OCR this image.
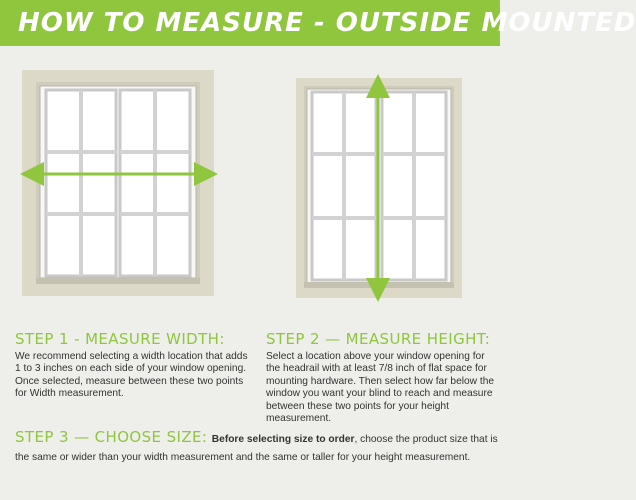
HOW TO MEASURE - OUTSIDE MOUNTED
STEP 1 - MEASURE WIDTH:
We recommend selecting a width location that adds 1 to 3 inches on each side of your window opening. Once selected, measure between these two points for Width measurement.
STEP 2 — MEASURE HEIGHT:
Select a location above your window opening for the headrail with at least 7/8 inch of flat space for mounting hardware. Then select how far below the window you want your blind to reach and measure between these two points for your height measurement.
STEP 3 — CHOOSE SIZE: Before selecting size to order, choose the product size that is the same or wider than your width measurement and the same or taller for your height measurement.
